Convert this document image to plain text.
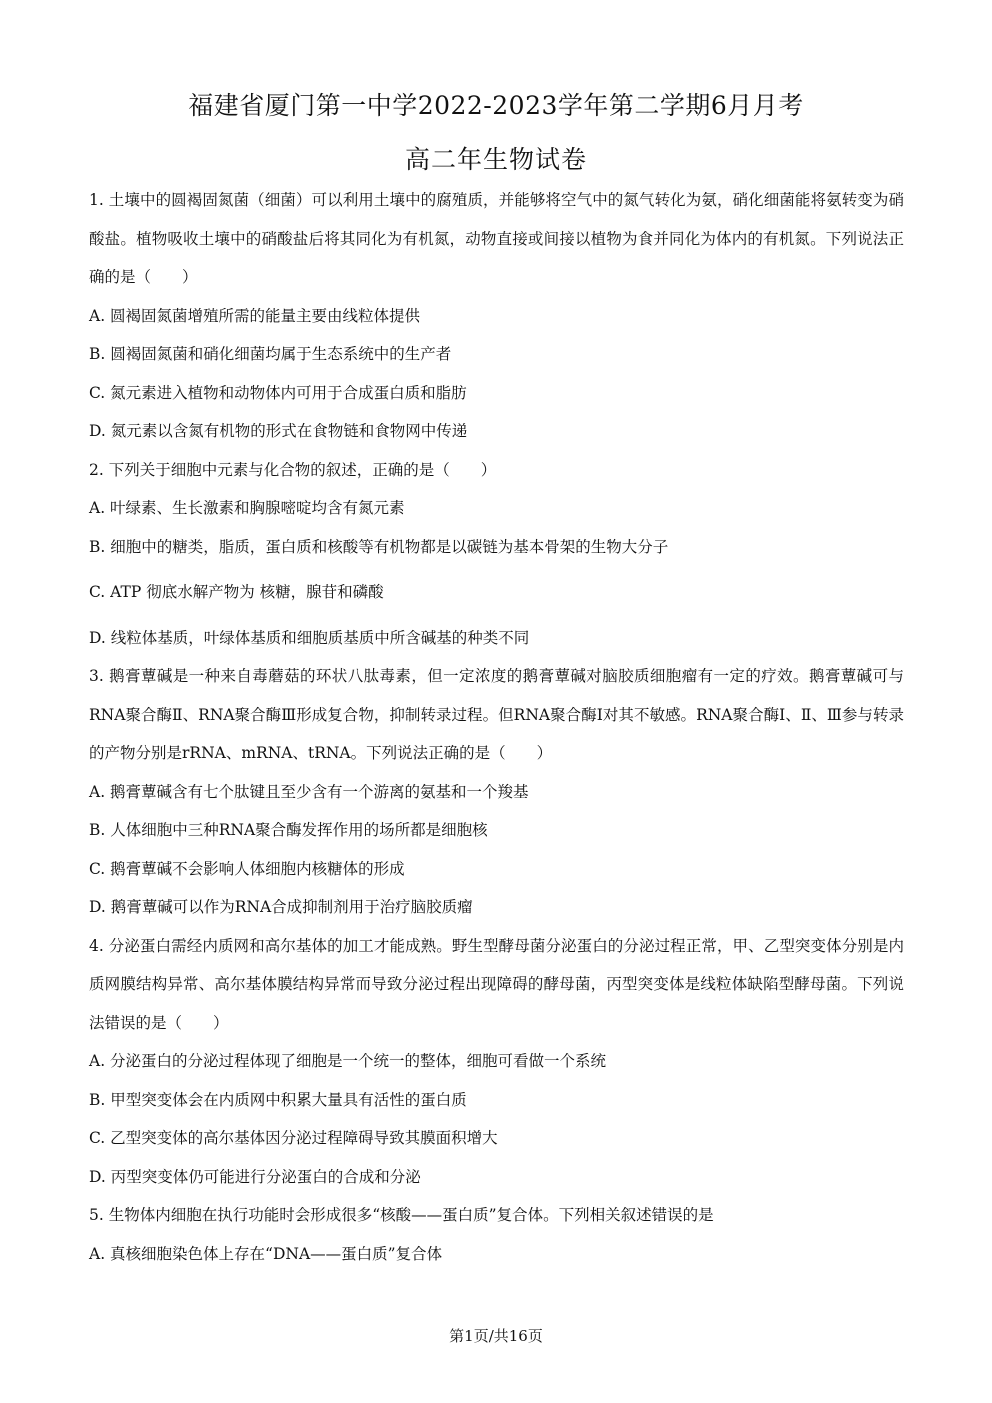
福建省厦门第一中学2022-2023学年第二学期6月月考
高二年生物试卷

1. 土壤中的圆褐固氮菌（细菌）可以利用土壤中的腐殖质，并能够将空气中的氮气转化为氨，硝化细菌能将氨转变为硝酸盐。植物吸收土壤中的硝酸盐后将其同化为有机氮，动物直接或间接以植物为食并同化为体内的有机氮。下列说法正确的是（　　）

A. 圆褐固氮菌增殖所需的能量主要由线粒体提供

B. 圆褐固氮菌和硝化细菌均属于生态系统中的生产者

C. 氮元素进入植物和动物体内可用于合成蛋白质和脂肪

D. 氮元素以含氮有机物的形式在食物链和食物网中传递

2. 下列关于细胞中元素与化合物的叙述，正确的是（　　）

A. 叶绿素、生长激素和胸腺嘧啶均含有氮元素

B. 细胞中的糖类，脂质，蛋白质和核酸等有机物都是以碳链为基本骨架的生物大分子

C. ATP 彻底水解产物为 核糖，腺苷和磷酸

D. 线粒体基质，叶绿体基质和细胞质基质中所含碱基的种类不同

3. 鹅膏蕈碱是一种来自毒蘑菇的环状八肽毒素，但一定浓度的鹅膏蕈碱对脑胶质细胞瘤有一定的疗效。鹅膏蕈碱可与RNA聚合酶Ⅱ、RNA聚合酶Ⅲ形成复合物，抑制转录过程。但RNA聚合酶Ⅰ对其不敏感。RNA聚合酶Ⅰ、Ⅱ、Ⅲ参与转录的产物分别是rRNA、mRNA、tRNA。下列说法正确的是（　　）

A. 鹅膏蕈碱含有七个肽键且至少含有一个游离的氨基和一个羧基

B. 人体细胞中三种RNA聚合酶发挥作用的场所都是细胞核

C. 鹅膏蕈碱不会影响人体细胞内核糖体的形成

D. 鹅膏蕈碱可以作为RNA合成抑制剂用于治疗脑胶质瘤

4. 分泌蛋白需经内质网和高尔基体的加工才能成熟。野生型酵母菌分泌蛋白的分泌过程正常，甲、乙型突变体分别是内质网膜结构异常、高尔基体膜结构异常而导致分泌过程出现障碍的酵母菌，丙型突变体是线粒体缺陷型酵母菌。下列说法错误的是（　　）

A. 分泌蛋白的分泌过程体现了细胞是一个统一的整体，细胞可看做一个系统

B. 甲型突变体会在内质网中积累大量具有活性的蛋白质

C. 乙型突变体的高尔基体因分泌过程障碍导致其膜面积增大

D. 丙型突变体仍可能进行分泌蛋白的合成和分泌

5. 生物体内细胞在执行功能时会形成很多“核酸——蛋白质”复合体。下列相关叙述错误的是

A. 真核细胞染色体上存在“DNA——蛋白质”复合体

第1页/共16页
